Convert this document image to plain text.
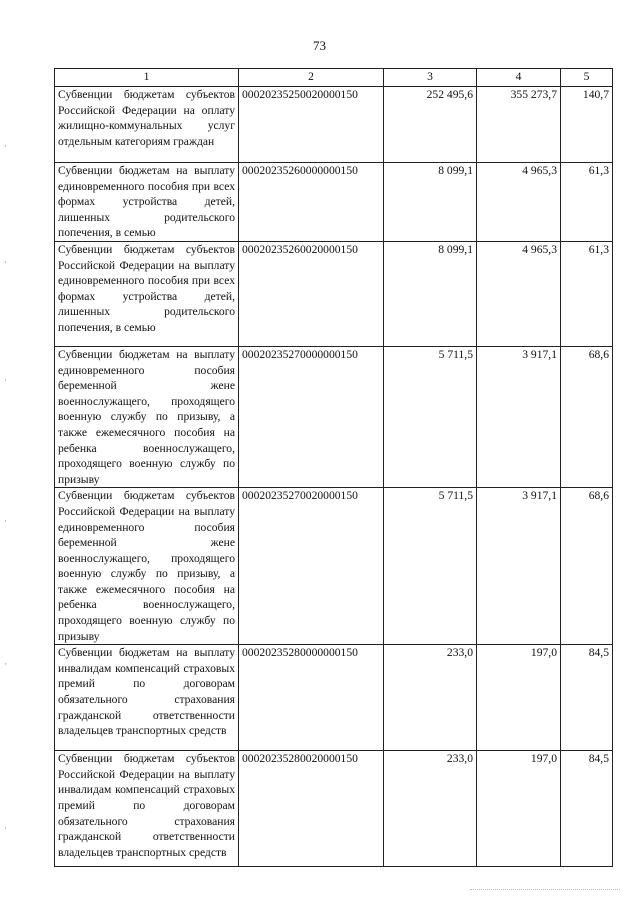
73
1	2	3	4	5
Субвенции бюджетам субъектов Российской Федерации на оплату жилищно-коммунальных услуг отдельным категориям граждан	00020235250020000150	252 495,6	355 273,7	140,7
Субвенции бюджетам на выплату единовременного пособия при всех формах устройства детей, лишенных родительского попечения, в семью	00020235260000000150	8 099,1	4 965,3	61,3
Субвенции бюджетам субъектов Российской Федерации на выплату единовременного пособия при всех формах устройства детей, лишенных родительского попечения, в семью	00020235260020000150	8 099,1	4 965,3	61,3
Субвенции бюджетам на выплату единовременного пособия беременной жене военнослужащего, проходящего военную службу по призыву, а также ежемесячного пособия на ребенка военнослужащего, проходящего военную службу по призыву	00020235270000000150	5 711,5	3 917,1	68,6
Субвенции бюджетам субъектов Российской Федерации на выплату единовременного пособия беременной жене военнослужащего, проходящего военную службу по призыву, а также ежемесячного пособия на ребенка военнослужащего, проходящего военную службу по призыву	00020235270020000150	5 711,5	3 917,1	68,6
Субвенции бюджетам на выплату инвалидам компенсаций страховых премий по договорам обязательного страхования гражданской ответственности владельцев транспортных средств	00020235280000000150	233,0	197,0	84,5
Субвенции бюджетам субъектов Российской Федерации на выплату инвалидам компенсаций страховых премий по договорам обязательного страхования гражданской ответственности владельцев транспортных средств	00020235280020000150	233,0	197,0	84,5
·
·
·
·
·
·
